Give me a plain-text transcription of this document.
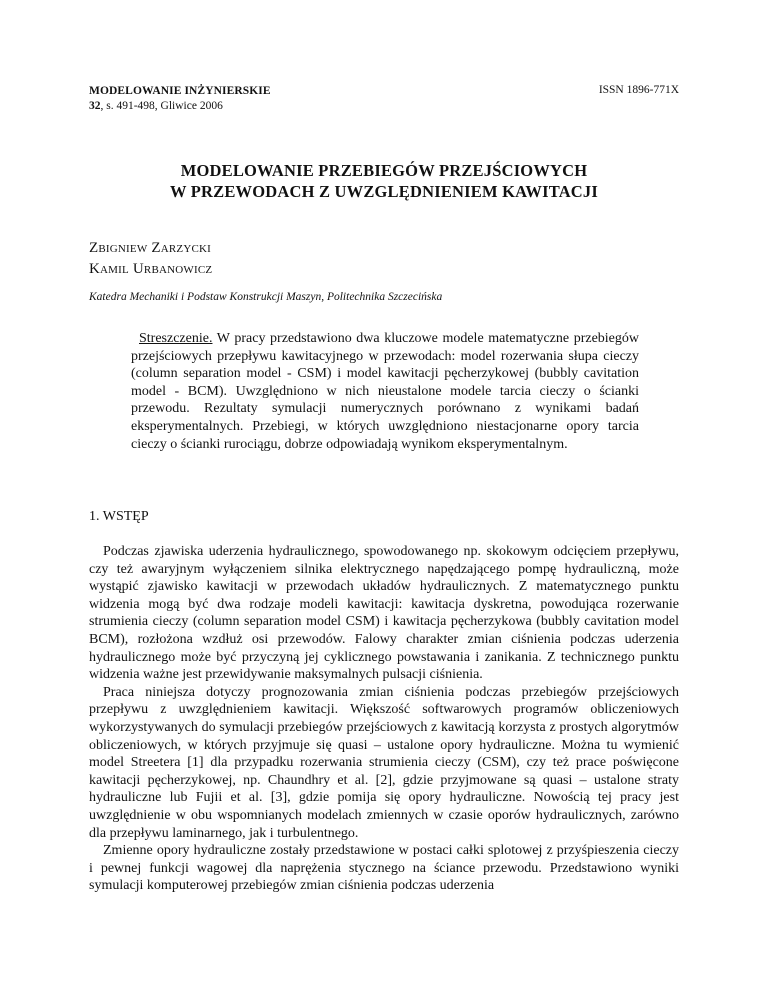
MODELOWANIE INŻYNIERSKIE
32, s. 491-498, Gliwice 2006
ISSN 1896-771X
MODELOWANIE PRZEBIEGÓW PRZEJŚCIOWYCH
W PRZEWODACH Z UWZGLĘDNIENIEM KAWITACJI
Zbigniew Zarzycki
Kamil Urbanowicz
Katedra Mechaniki i Podstaw Konstrukcji Maszyn, Politechnika Szczecińska
Streszczenie. W pracy przedstawiono dwa kluczowe modele matematyczne przebiegów przejściowych przepływu kawitacyjnego w przewodach: model rozerwania słupa cieczy (column separation model - CSM) i model kawitacji pęcherzykowej (bubbly cavitation model - BCM). Uwzględniono w nich nieustalone modele tarcia cieczy o ścianki przewodu. Rezultaty symulacji numerycznych porównano z wynikami badań eksperymentalnych. Przebiegi, w których uwzględniono niestacjonarne opory tarcia cieczy o ścianki rurociągu, dobrze odpowiadają wynikom eksperymentalnym.
1. WSTĘP

Podczas zjawiska uderzenia hydraulicznego, spowodowanego np. skokowym odcięciem przepływu, czy też awaryjnym wyłączeniem silnika elektrycznego napędzającego pompę hydrauliczną, może wystąpić zjawisko kawitacji w przewodach układów hydraulicznych. Z matematycznego punktu widzenia mogą być dwa rodzaje modeli kawitacji: kawitacja dyskretna, powodująca rozerwanie strumienia cieczy (column separation model CSM) i kawitacja pęcherzykowa (bubbly cavitation model BCM), rozłożona wzdłuż osi przewodów. Falowy charakter zmian ciśnienia podczas uderzenia hydraulicznego może być przyczyną jej cyklicznego powstawania i zanikania. Z technicznego punktu widzenia ważne jest przewidywanie maksymalnych pulsacji ciśnienia.

Praca niniejsza dotyczy prognozowania zmian ciśnienia podczas przebiegów przejściowych przepływu z uwzględnieniem kawitacji. Większość softwarowych programów obliczeniowych wykorzystywanych do symulacji przebiegów przejściowych z kawitacją korzysta z prostych algorytmów obliczeniowych, w których przyjmuje się quasi – ustalone opory hydrauliczne. Można tu wymienić model Streetera [1] dla przypadku rozerwania strumienia cieczy (CSM), czy też prace poświęcone kawitacji pęcherzykowej, np. Chaundhry et al. [2], gdzie przyjmowane są quasi – ustalone straty hydrauliczne lub Fujii et al. [3], gdzie pomija się opory hydrauliczne. Nowością tej pracy jest uwzględnienie w obu wspomnianych modelach zmiennych w czasie oporów hydraulicznych, zarówno dla przepływu laminarnego, jak i turbulentnego.

Zmienne opory hydrauliczne zostały przedstawione w postaci całki splotowej z przyśpieszenia cieczy i pewnej funkcji wagowej dla naprężenia stycznego na ściance przewodu. Przedstawiono wyniki symulacji komputerowej przebiegów zmian ciśnienia podczas uderzenia
